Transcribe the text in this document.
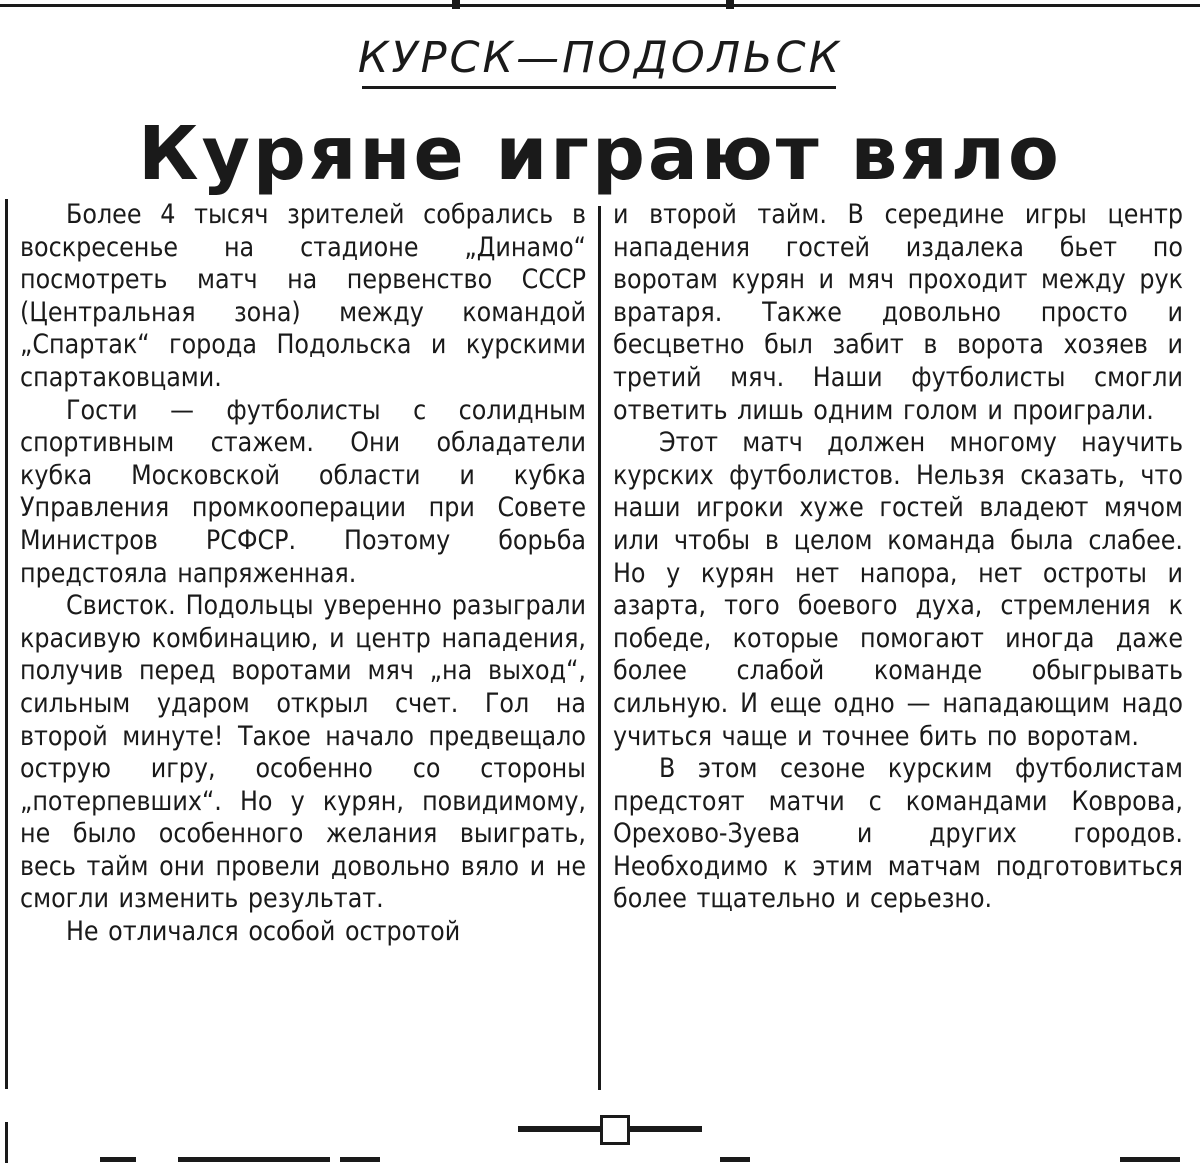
КУРСК—ПОДОЛЬСК
Куряне играют вяло

Более 4 тысяч зрителей собрались в воскресенье на стадионе „Динамо“ посмотреть матч на первенство СССР (Центральная зона) между командой „Спартак“ города Подольска и курскими спартаковцами.

Гости — футболисты с солидным спортивным стажем. Они обладатели кубка Московской области и кубка Управления промкооперации при Совете Министров РСФСР. Поэтому борьба предстояла напряженная.

Свисток. Подольцы уверенно разыграли красивую комбинацию, и центр нападения, получив перед воротами мяч „на выход“, сильным ударом открыл счет. Гол на второй минуте! Такое начало предвещало острую игру, особенно со стороны „потерпевших“. Но у курян, повидимому, не было особенного желания выиграть, весь тайм они провели довольно вяло и не смогли изменить результат.

Не отличался особой остротой

и второй тайм. В середине игры центр нападения гостей издалека бьет по воротам курян и мяч проходит между рук вратаря. Также довольно просто и бесцветно был забит в ворота хозяев и третий мяч. Наши футболисты смогли ответить лишь одним голом и проиграли.

Этот матч должен многому научить курских футболистов. Нельзя сказать, что наши игроки хуже гостей владеют мячом или чтобы в целом команда была слабее. Но у курян нет напора, нет остроты и азарта, того боевого духа, стремления к победе, которые помогают иногда даже более слабой команде обыгрывать сильную. И еще одно — нападающим надо учиться чаще и точнее бить по воротам.

В этом сезоне курским футболистам предстоят матчи с командами Коврова, Орехово-Зуева и других городов. Необходимо к этим матчам подготовиться более тщательно и серьезно.
